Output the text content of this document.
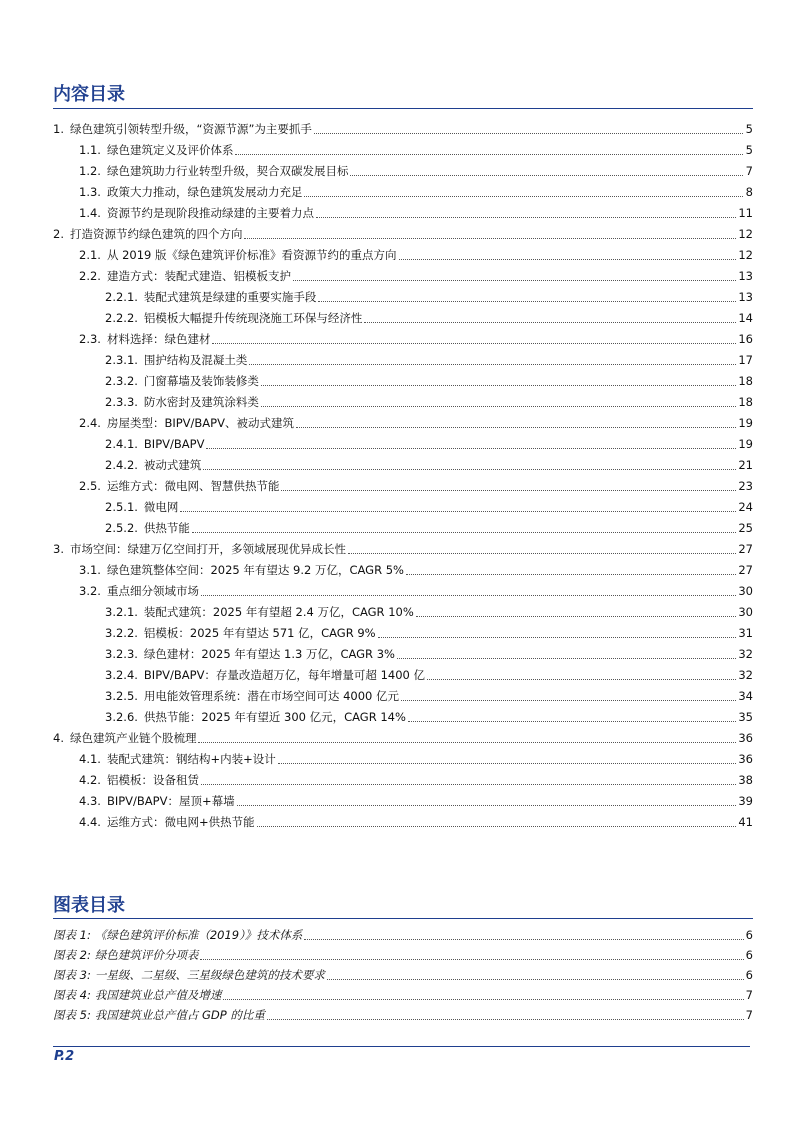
内容目录
1. 绿色建筑引领转型升级，“资源节源”为主要抓手	5
1.1. 绿色建筑定义及评价体系	5
1.2. 绿色建筑助力行业转型升级，契合双碳发展目标	7
1.3. 政策大力推动，绿色建筑发展动力充足	8
1.4. 资源节约是现阶段推动绿建的主要着力点	11
2. 打造资源节约绿色建筑的四个方向	12
2.1. 从 2019 版《绿色建筑评价标准》看资源节约的重点方向	12
2.2. 建造方式：装配式建造、铝模板支护	13
2.2.1. 装配式建筑是绿建的重要实施手段	13
2.2.2. 铝模板大幅提升传统现浇施工环保与经济性	14
2.3. 材料选择：绿色建材	16
2.3.1. 围护结构及混凝土类	17
2.3.2. 门窗幕墙及装饰装修类	18
2.3.3. 防水密封及建筑涂料类	18
2.4. 房屋类型：BIPV/BAPV、被动式建筑	19
2.4.1. BIPV/BAPV	19
2.4.2. 被动式建筑	21
2.5. 运维方式：微电网、智慧供热节能	23
2.5.1. 微电网	24
2.5.2. 供热节能	25
3. 市场空间：绿建万亿空间打开，多领域展现优异成长性	27
3.1. 绿色建筑整体空间：2025 年有望达 9.2 万亿，CAGR 5%	27
3.2. 重点细分领域市场	30
3.2.1. 装配式建筑：2025 年有望超 2.4 万亿，CAGR 10%	30
3.2.2. 铝模板：2025 年有望达 571 亿，CAGR 9%	31
3.2.3. 绿色建材：2025 年有望达 1.3 万亿，CAGR 3%	32
3.2.4. BIPV/BAPV：存量改造超万亿，每年增量可超 1400 亿	32
3.2.5. 用电能效管理系统：潜在市场空间可达 4000 亿元	34
3.2.6. 供热节能：2025 年有望近 300 亿元，CAGR 14%	35
4. 绿色建筑产业链个股梳理	36
4.1. 装配式建筑：钢结构+内装+设计	36
4.2. 铝模板：设备租赁	38
4.3. BIPV/BAPV：屋顶+幕墙	39
4.4. 运维方式：微电网+供热节能	41
图表目录
图表 1: 《绿色建筑评价标准（2019）》技术体系	6
图表 2: 绿色建筑评价分项表	6
图表 3: 一星级、二星级、三星级绿色建筑的技术要求	6
图表 4: 我国建筑业总产值及增速	7
图表 5: 我国建筑业总产值占 GDP 的比重	7
P.2
